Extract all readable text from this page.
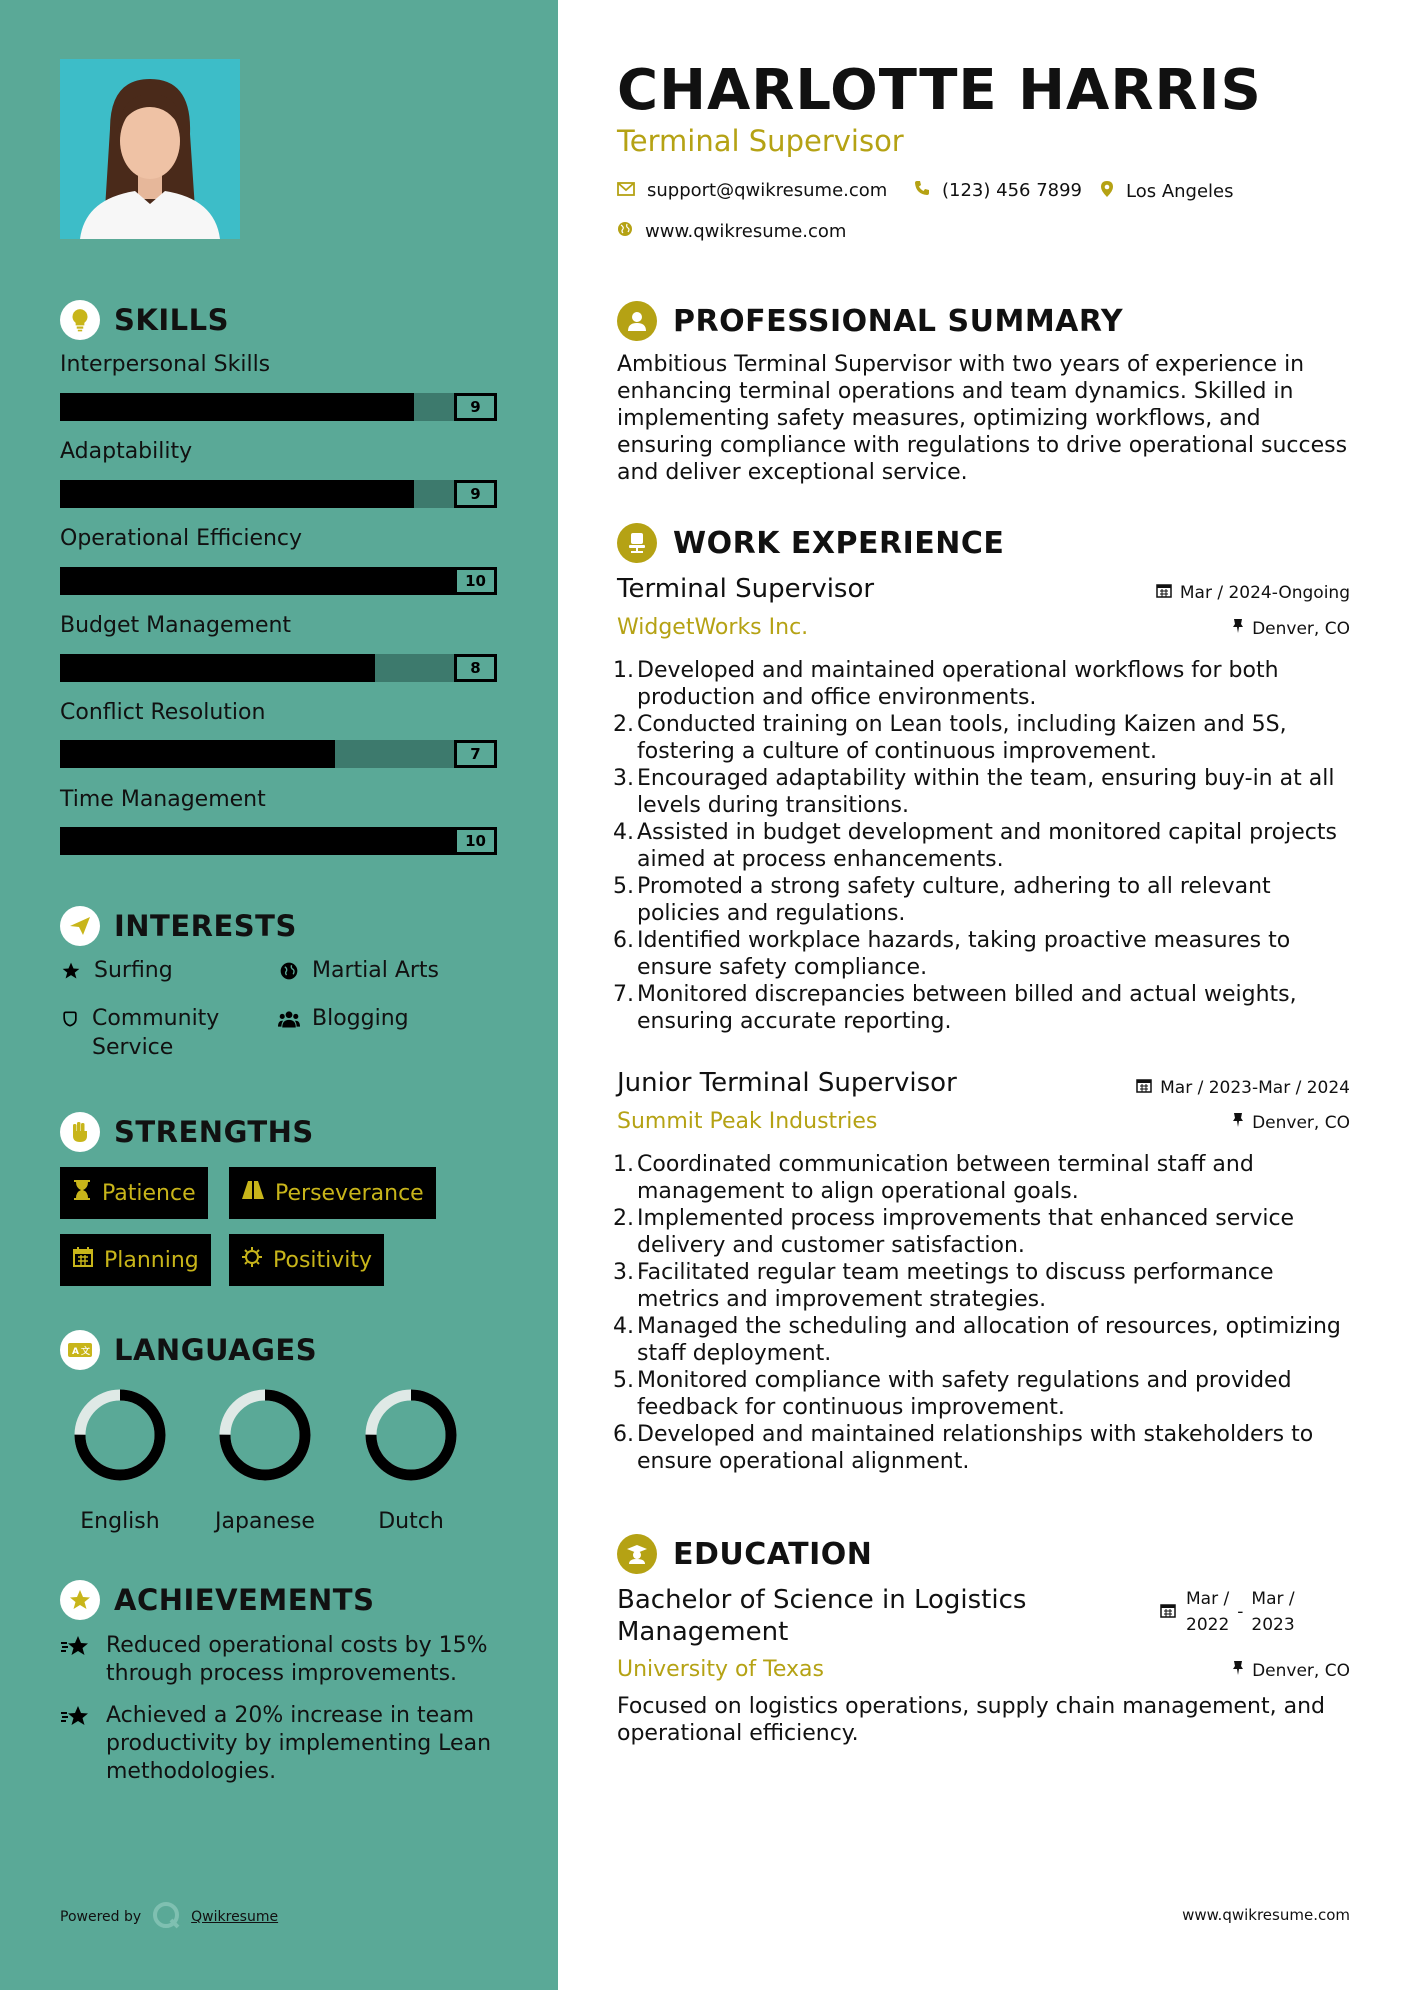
SKILLS
Interpersonal Skills
9
Adaptability
9
Operational Efficiency
10
Budget Management
8
Conflict Resolution
7
Time Management
10
INTERESTS
Surfing	Martial Arts
Community Service
Blogging
STRENGTHS
Patience	Perseverance
Planning	Positivity
A 文 LANGUAGES
English	Japanese	Dutch
ACHIEVEMENTS
Reduced operational costs by 15% through process improvements.
Achieved a 20% increase in team productivity by implementing Lean methodologies.
Powered by	Qwikresume
CHARLOTTE HARRIS
Terminal Supervisor
support@qwikresume.com	(123) 456 7899 Los Angeles
www.qwikresume.com
PROFESSIONAL SUMMARY
Ambitious Terminal Supervisor with two years of experience in enhancing terminal operations and team dynamics. Skilled in implementing safety measures, optimizing workflows, and ensuring compliance with regulations to drive operational success and deliver exceptional service.
WORK EXPERIENCE
Terminal Supervisor	Mar / 2024-Ongoing
WidgetWorks Inc.	Denver, CO
1. Developed and maintained operational workflows for both production and office environments.
2. Conducted training on Lean tools, including Kaizen and 5S, fostering a culture of continuous improvement.
3. Encouraged adaptability within the team, ensuring buy-in at all levels during transitions.
4. Assisted in budget development and monitored capital projects aimed at process enhancements.
5. Promoted a strong safety culture, adhering to all relevant policies and regulations.
6. Identified workplace hazards, taking proactive measures to ensure safety compliance.
7. Monitored discrepancies between billed and actual weights, ensuring accurate reporting.
Junior Terminal Supervisor	Mar / 2023-Mar / 2024
Summit Peak Industries	Denver, CO
1. Coordinated communication between terminal staff and management to align operational goals.
2. Implemented process improvements that enhanced service delivery and customer satisfaction.
3. Facilitated regular team meetings to discuss performance metrics and improvement strategies.
4. Managed the scheduling and allocation of resources, optimizing staff deployment.
5. Monitored compliance with safety regulations and provided feedback for continuous improvement.
6. Developed and maintained relationships with stakeholders to ensure operational alignment.
EDUCATION
Bachelor of Science in Logistics Management
Mar /
2022
-
Mar /
2023
University of Texas	Denver, CO
Focused on logistics operations, supply chain management, and operational efficiency.
www.qwikresume.com
